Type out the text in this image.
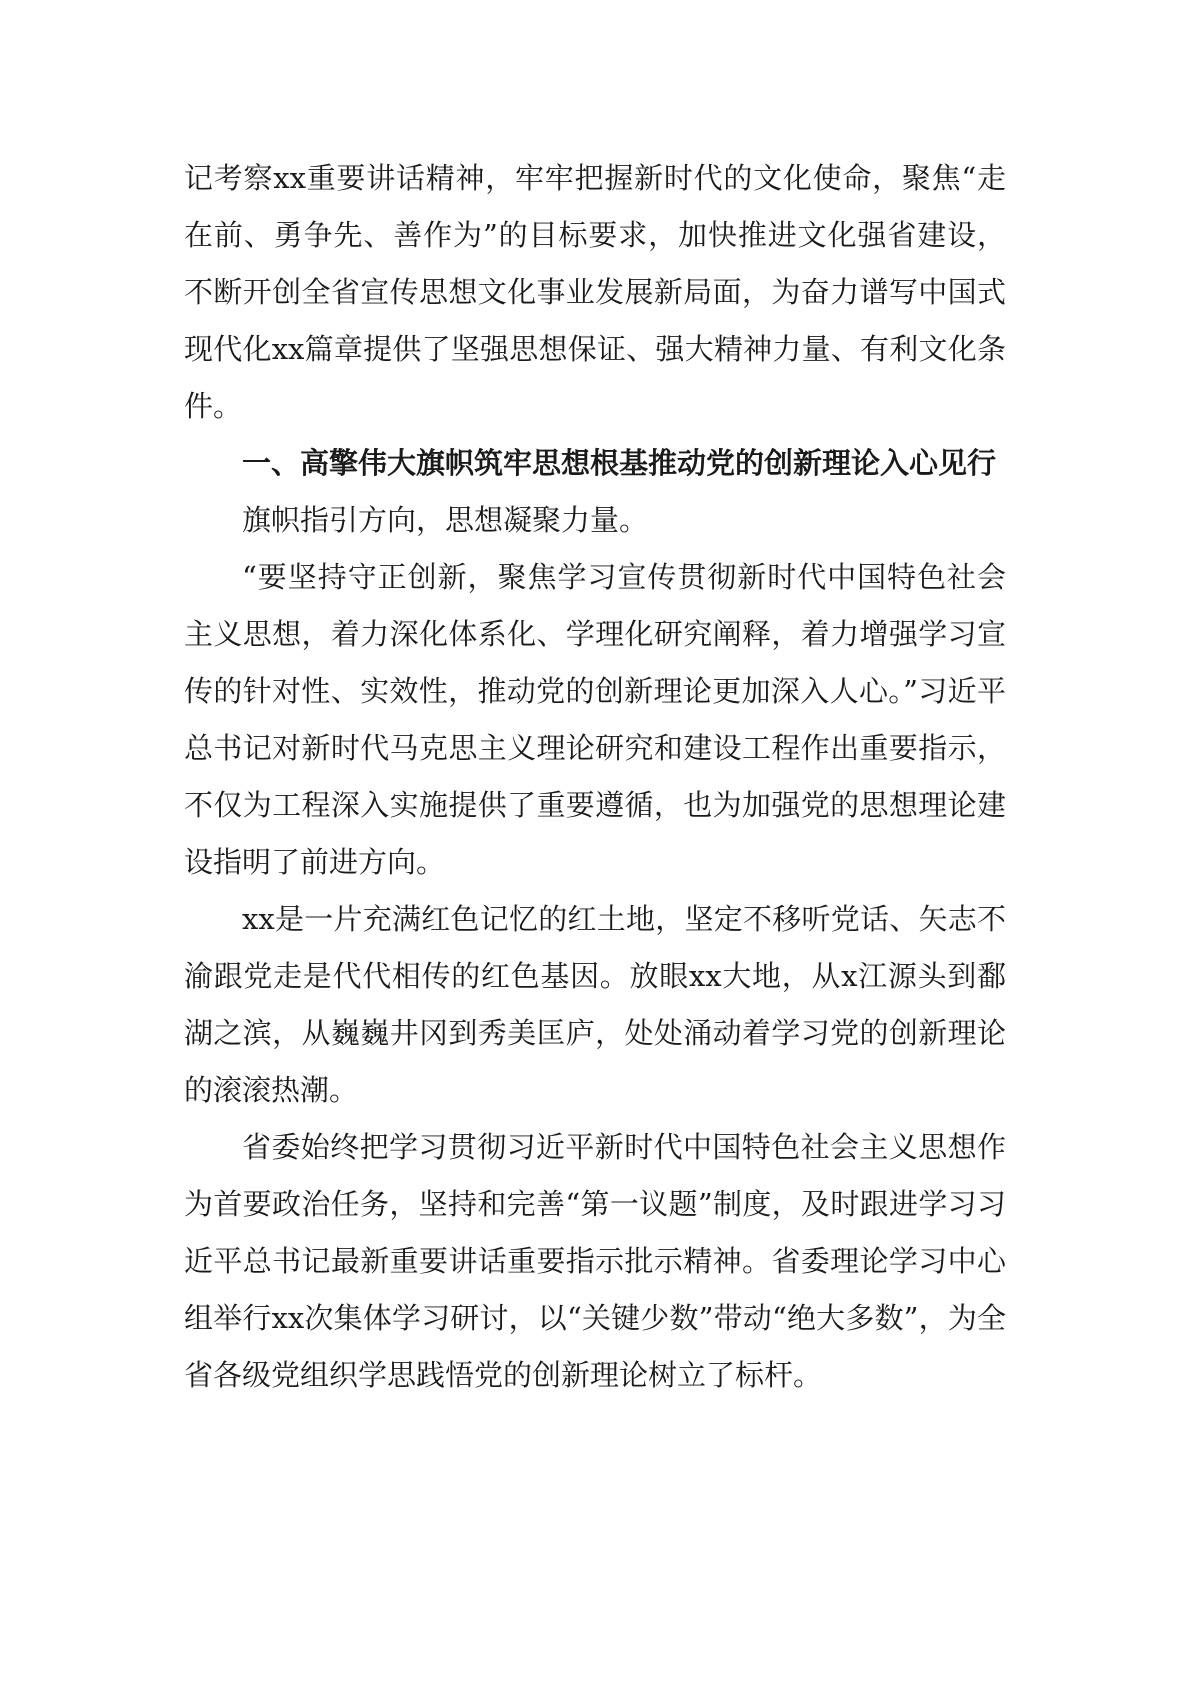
记考察xx重要讲话精神，牢牢把握新时代的文化使命，聚焦“走在前、勇争先、善作为”的目标要求，加快推进文化强省建设，不断开创全省宣传思想文化事业发展新局面，为奋力谱写中国式现代化xx篇章提供了坚强思想保证、强大精神力量、有利文化条件。

一、高擎伟大旗帜筑牢思想根基推动党的创新理论入心见行

旗帜指引方向，思想凝聚力量。

“要坚持守正创新，聚焦学习宣传贯彻新时代中国特色社会主义思想，着力深化体系化、学理化研究阐释，着力增强学习宣传的针对性、实效性，推动党的创新理论更加深入人心。”习近平总书记对新时代马克思主义理论研究和建设工程作出重要指示，不仅为工程深入实施提供了重要遵循，也为加强党的思想理论建设指明了前进方向。

xx是一片充满红色记忆的红土地，坚定不移听党话、矢志不渝跟党走是代代相传的红色基因。放眼xx大地，从x江源头到鄱湖之滨，从巍巍井冈到秀美匡庐，处处涌动着学习党的创新理论的滚滚热潮。

省委始终把学习贯彻习近平新时代中国特色社会主义思想作为首要政治任务，坚持和完善“第一议题”制度，及时跟进学习习近平总书记最新重要讲话重要指示批示精神。省委理论学习中心组举行xx次集体学习研讨，以“关键少数”带动“绝大多数”，为全省各级党组织学思践悟党的创新理论树立了标杆。
